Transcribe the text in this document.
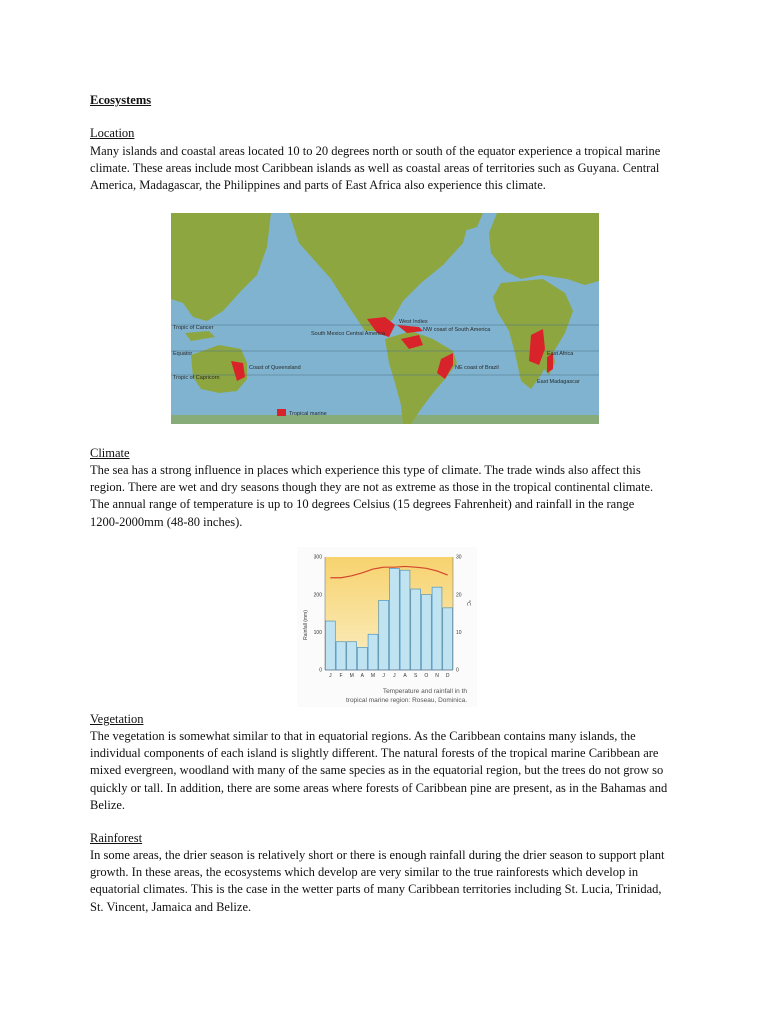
Ecosystems
Location
Many islands and coastal areas located 10 to 20 degrees north or south of the equator experience a tropical marine
climate. These areas include most Caribbean islands as well as coastal areas of territories such as Guyana. Central
America, Madagascar, the Philippines and parts of East Africa also experience this climate.
Tropic of Cancer
Equator
Tropic of Capricorn
West Indies
NW coast of South America
South Mexico Central America
Coast of Queensland	NE coast of Brazil
East Africa
East Madagascar
Tropical marine
Climate
The sea has a strong influence in places which experience this type of climate. The trade winds also affect this
region. There are wet and dry seasons though they are not as extreme as those in the tropical continental climate.
The annual range of temperature is up to 10 degrees Celsius (15 degrees Fahrenheit) and rainfall in the range
1200-2000mm (48-80 inches).
0
100
200
300
0
10
20
30
J F M A M J J A S O N D
Rainfall (mm)
°C
Temperature and rainfall in th
tropical marine region: Roseau, Dominica.
Vegetation
The vegetation is somewhat similar to that in equatorial regions. As the Caribbean contains many islands, the
individual components of each island is slightly different. The natural forests of the tropical marine Caribbean are
mixed evergreen, woodland with many of the same species as in the equatorial region, but the trees do not grow so
quickly or tall. In addition, there are some areas where forests of Caribbean pine are present, as in the Bahamas and
Belize.
Rainforest
In some areas, the drier season is relatively short or there is enough rainfall during the drier season to support plant
growth. In these areas, the ecosystems which develop are very similar to the true rainforests which develop in
equatorial climates. This is the case in the wetter parts of many Caribbean territories including St. Lucia, Trinidad,
St. Vincent, Jamaica and Belize.
